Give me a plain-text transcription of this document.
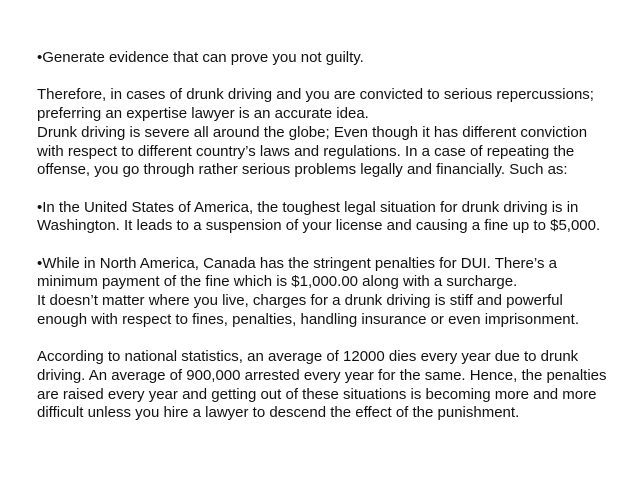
•Generate evidence that can prove you not guilty.

Therefore, in cases of drunk driving and you are convicted to serious repercussions;
preferring an expertise lawyer is an accurate idea.
Drunk driving is severe all around the globe; Even though it has different conviction
with respect to different country’s laws and regulations. In a case of repeating the
offense, you go through rather serious problems legally and financially. Such as:

•In the United States of America, the toughest legal situation for drunk driving is in
Washington. It leads to a suspension of your license and causing a fine up to $5,000.

•While in North America, Canada has the stringent penalties for DUI. There’s a
minimum payment of the fine which is $1,000.00 along with a surcharge.
It doesn’t matter where you live, charges for a drunk driving is stiff and powerful
enough with respect to fines, penalties, handling insurance or even imprisonment.

According to national statistics, an average of 12000 dies every year due to drunk
driving. An average of 900,000 arrested every year for the same. Hence, the penalties
are raised every year and getting out of these situations is becoming more and more
difficult unless you hire a lawyer to descend the effect of the punishment.
